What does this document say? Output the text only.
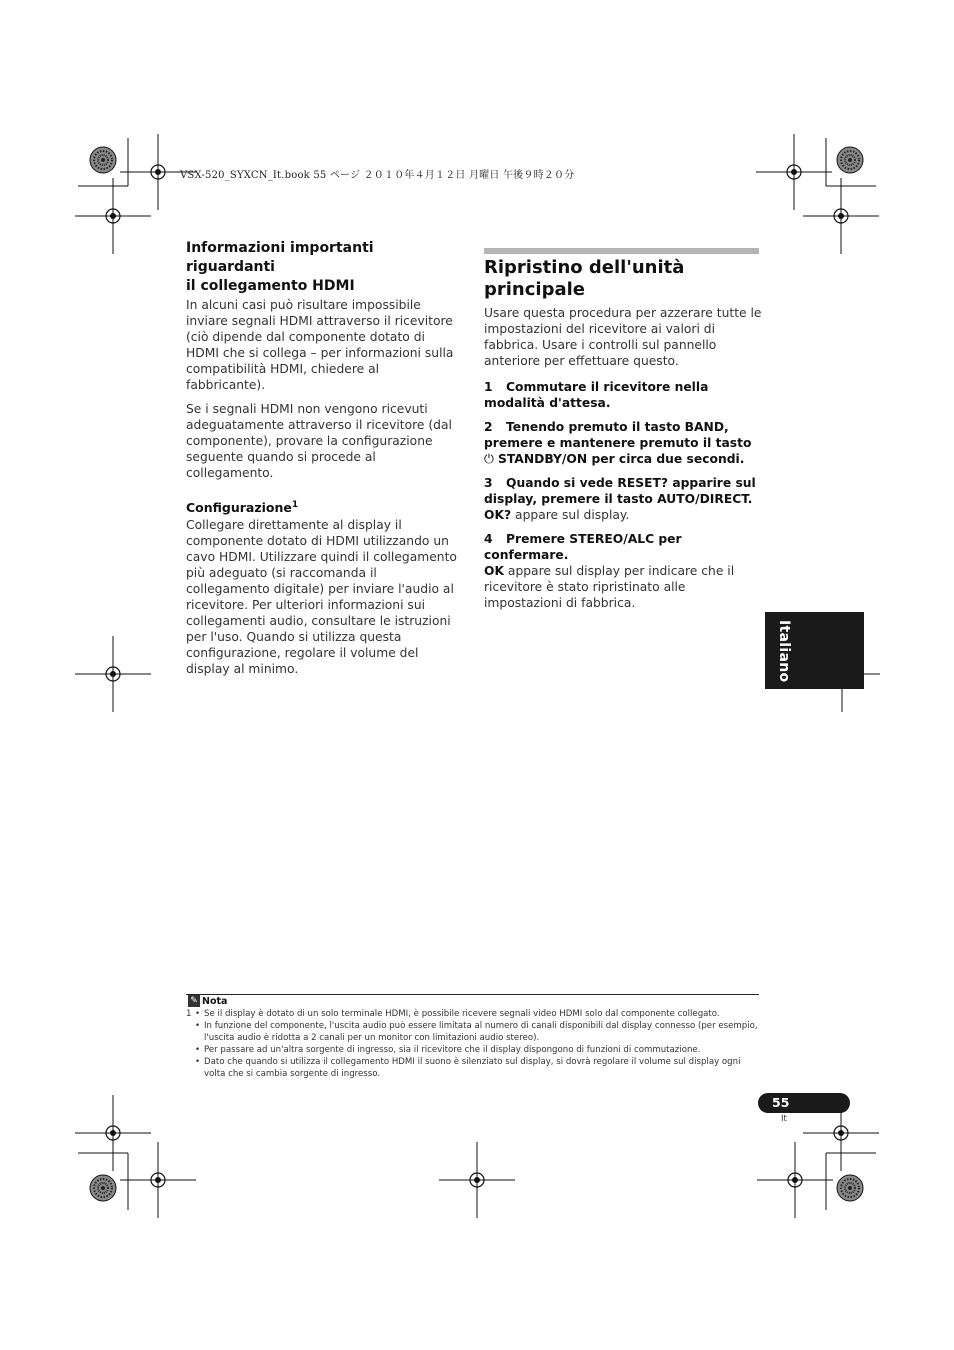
VSX-520_SYXCN_It.book 55 ページ ２０１０年４月１２日 月曜日 午後９時２０分
Informazioni importanti riguardanti
il collegamento HDMI

In alcuni casi può risultare impossibile inviare segnali HDMI attraverso il ricevitore (ciò dipende dal componente dotato di HDMI che si collega – per informazioni sulla compatibilità HDMI, chiedere al fabbricante).

Se i segnali HDMI non vengono ricevuti adeguatamente attraverso il ricevitore (dal componente), provare la configurazione seguente quando si procede al collegamento.

Configurazione$^1$

Collegare direttamente al display il componente dotato di HDMI utilizzando un cavo HDMI. Utilizzare quindi il collegamento più adeguato (si raccomanda il collegamento digitale) per inviare l'audio al ricevitore. Per ulteriori informazioni sui collegamenti audio, consultare le istruzioni per l'uso. Quando si utilizza questa configurazione, regolare il volume del display al minimo.

Ripristino dell'unità principale

Usare questa procedura per azzerare tutte le impostazioni del ricevitore ai valori di fabbrica. Usare i controlli sul pannello anteriore per effettuare questo.

1 Commutare il ricevitore nella modalità d'attesa.
2 Tenendo premuto il tasto BAND, premere e mantenere premuto il tasto ⏻ STANDBY/ON per circa due secondi.
3 Quando si vede RESET? apparire sul display, premere il tasto AUTO/DIRECT.
OK? appare sul display.
4 Premere STEREO/ALC per confermare.
OK appare sul display per indicare che il ricevitore è stato ripristinato alle impostazioni di fabbrica.
Italiano
✎ Nota
1 • Se il display è dotato di un solo terminale HDMI, è possibile ricevere segnali video HDMI solo dal componente collegato.
• In funzione del componente, l'uscita audio può essere limitata al numero di canali disponibili dal display connesso (per esempio, l'uscita audio è ridotta a 2 canali per un monitor con limitazioni audio stereo).
• Per passare ad un'altra sorgente di ingresso, sia il ricevitore che il display dispongono di funzioni di commutazione.
• Dato che quando si utilizza il collegamento HDMI il suono è silenziato sul display, si dovrà regolare il volume sul display ogni volta che si cambia sorgente di ingresso.
55
It
